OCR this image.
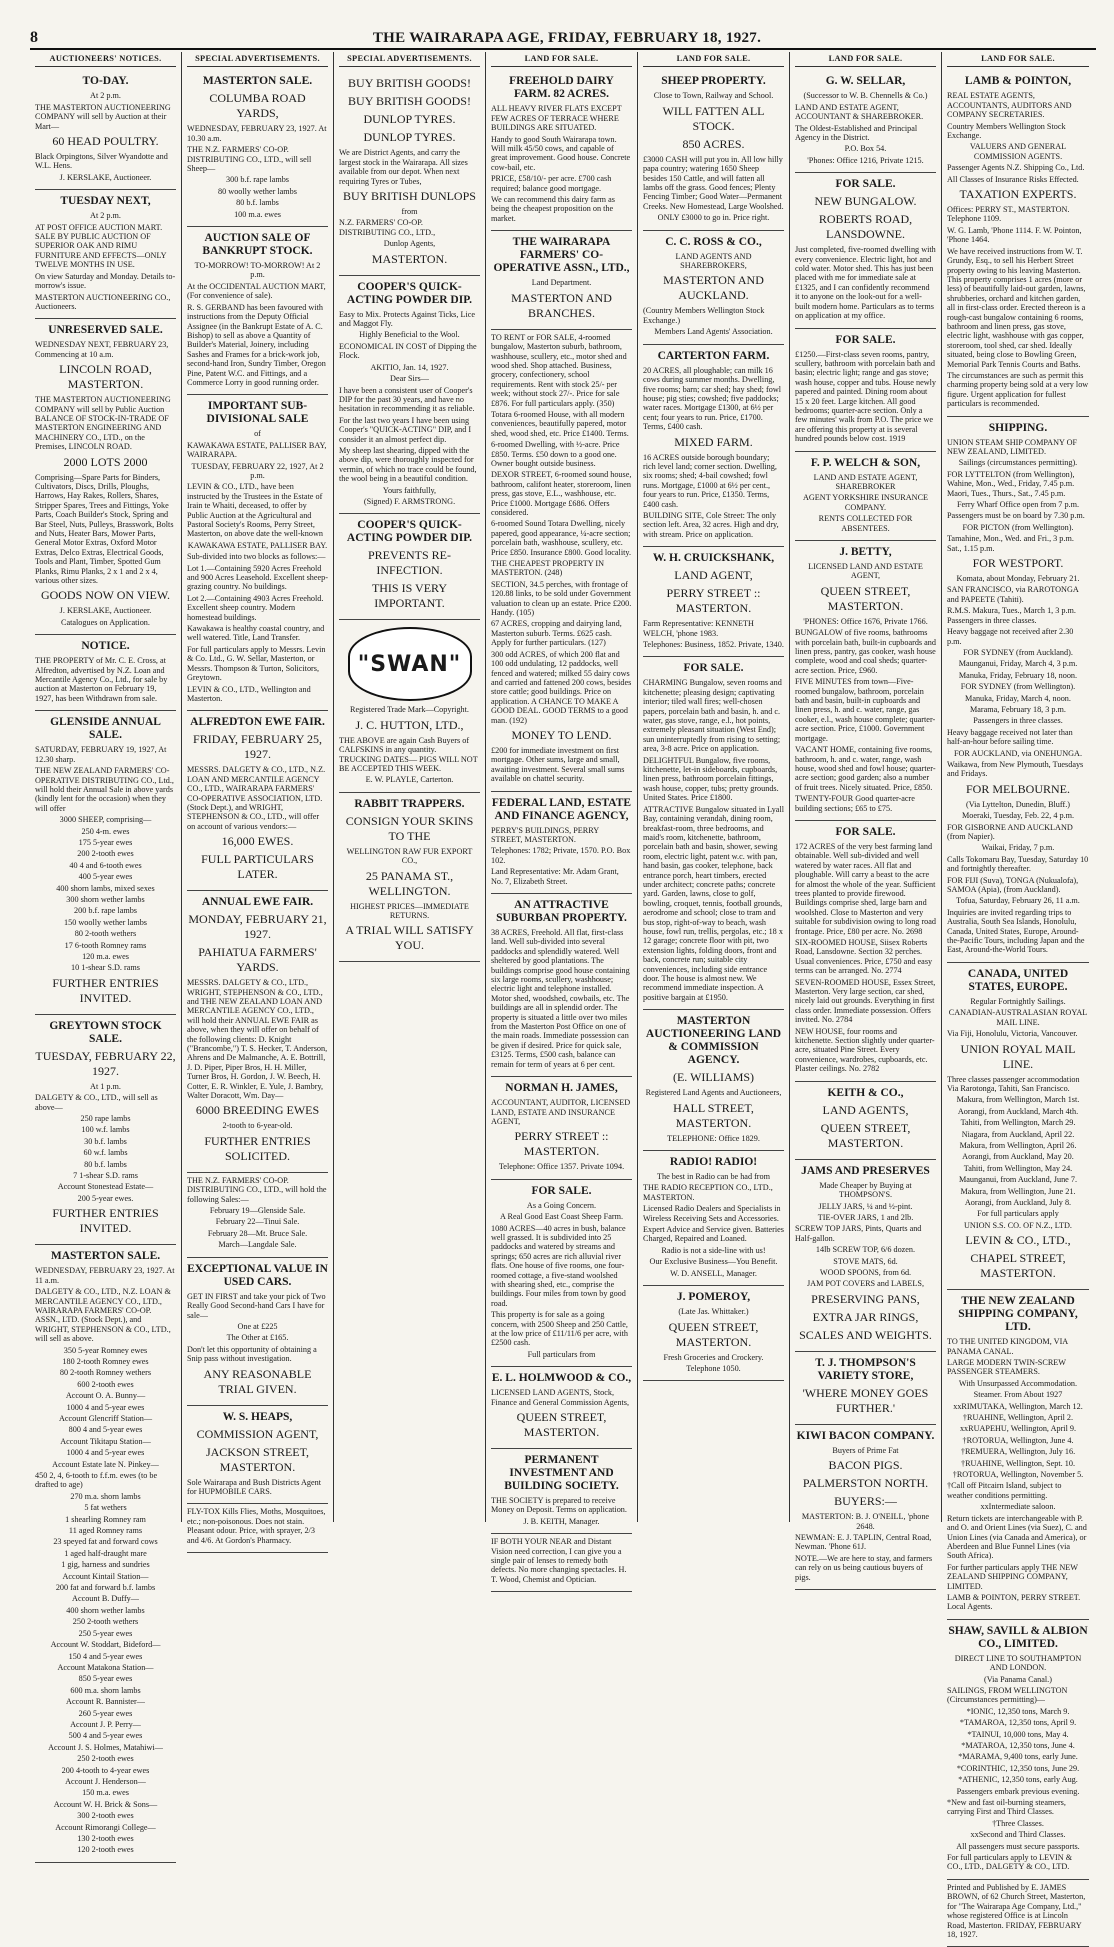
8	THE WAIRARAPA AGE, FRIDAY, FEBRUARY 18, 1927.
AUCTIONEERS' NOTICES.
TO-DAY.

At 2 p.m.

THE MASTERTON AUCTIONEERING COMPANY will sell by Auction at their Mart—

60 HEAD POULTRY.

Black Orpingtons, Silver Wyandotte and W.L. Hens.

J. KERSLAKE, Auctioneer.

TUESDAY NEXT,

At 2 p.m.

AT POST OFFICE AUCTION MART. SALE BY PUBLIC AUCTION OF SUPERIOR OAK AND RIMU FURNITURE AND EFFECTS—ONLY TWELVE MONTHS IN USE.

On view Saturday and Monday. Details to-morrow's issue.

MASTERTON AUCTIONEERING CO., Auctioneers.

UNRESERVED SALE.

WEDNESDAY NEXT, FEBRUARY 23, Commencing at 10 a.m.

LINCOLN ROAD, MASTERTON.

THE MASTERTON AUCTIONEERING COMPANY will sell by Public Auction BALANCE OF STOCK-IN-TRADE OF MASTERTON ENGINEERING AND MACHINERY CO., LTD., on the Premises, LINCOLN ROAD.

2000 LOTS 2000

Comprising—Spare Parts for Binders, Cultivators, Discs, Drills, Ploughs, Harrows, Hay Rakes, Rollers, Shares, Stripper Spares, Trees and Fittings, Yoke Parts, Coach Builder's Stock, Spring and Bar Steel, Nuts, Pulleys, Brasswork, Bolts and Nuts, Heater Bars, Mower Parts, General Motor Extras, Oxford Motor Extras, Delco Extras, Electrical Goods, Tools and Plant, Timber, Spotted Gum Planks, Rimu Planks, 2 x 1 and 2 x 4, various other sizes.

GOODS NOW ON VIEW.

J. KERSLAKE, Auctioneer.

Catalogues on Application.

NOTICE.

THE PROPERTY of Mr. C. E. Cross, at Alfredton, advertised by N.Z. Loan and Mercantile Agency Co., Ltd., for sale by auction at Masterton on February 19, 1927, has been Withdrawn from sale.

GLENSIDE ANNUAL SALE.

SATURDAY, FEBRUARY 19, 1927, At 12.30 sharp.

THE NEW ZEALAND FARMERS' CO-OPERATIVE DISTRIBUTING CO., Ltd., will hold their Annual Sale in above yards (kindly lent for the occasion) when they will offer

3000 SHEEP, comprising—

250 4-m. ewes

175 5-year ewes

200 2-tooth ewes

40 4 and 6-tooth ewes

400 5-year ewes

400 shorn lambs, mixed sexes

300 shorn wether lambs

200 b.f. rape lambs

150 woolly wether lambs

80 2-tooth wethers

17 6-tooth Romney rams

120 m.a. ewes

10 1-shear S.D. rams

FURTHER ENTRIES INVITED.

GREYTOWN STOCK SALE.

TUESDAY, FEBRUARY 22, 1927.

At 1 p.m.

DALGETY & CO., LTD., will sell as above—

250 rape lambs

100 w.f. lambs

30 b.f. lambs

60 w.f. lambs

80 b.f. lambs

7 1-shear S.D. rams

Account Stonestead Estate—

200 5-year ewes.

FURTHER ENTRIES INVITED.

MASTERTON SALE.

WEDNESDAY, FEBRUARY 23, 1927. At 11 a.m.

DALGETY & CO., LTD., N.Z. LOAN & MERCANTILE AGENCY CO., LTD., WAIRARAPA FARMERS' CO-OP. ASSN., LTD. (Stock Dept.), and WRIGHT, STEPHENSON & CO., LTD., will sell as above.

350 5-year Romney ewes

180 2-tooth Romney ewes

80 2-tooth Romney wethers

600 2-tooth ewes

Account O. A. Bunny—

1000 4 and 5-year ewes

Account Glencriff Station—

800 4 and 5-year ewes

Account Tikitapu Station—

1000 4 and 5-year ewes

Account Estate late N. Pinkey—

450 2, 4, 6-tooth to f.f.m. ewes (to be drafted to age)

270 m.a. shorn lambs

5 fat wethers

1 shearling Romney ram

11 aged Romney rams

23 speyed fat and forward cows

1 aged half-draught mare

1 gig, harness and sundries

Account Kintail Station—

200 fat and forward b.f. lambs

Account B. Duffy—

400 shorn wether lambs

250 2-tooth wethers

250 5-year ewes

Account W. Stoddart, Bideford—

150 4 and 5-year ewes

Account Matakona Station—

850 5-year ewes

600 m.a. shorn lambs

Account R. Bannister—

260 5-year ewes

Account J. P. Perry—

500 4 and 5-year ewes

Account J. S. Holmes, Matahiwi—

250 2-tooth ewes

200 4-tooth to 4-year ewes

Account J. Henderson—

150 m.a. ewes

Account W. H. Brick & Sons—

300 2-tooth ewes

Account Rimorangi College—

130 2-tooth ewes

120 2-tooth ewes

SPECIAL ADVERTISEMENTS.
MASTERTON SALE.

COLUMBA ROAD YARDS,

WEDNESDAY, FEBRUARY 23, 1927. At 10.30 a.m.

THE N.Z. FARMERS' CO-OP. DISTRIBUTING CO., LTD., will sell Sheep—

300 b.f. rape lambs

80 woolly wether lambs

80 b.f. lambs

100 m.a. ewes

AUCTION SALE OF BANKRUPT STOCK.

TO-MORROW! TO-MORROW! At 2 p.m.

At the OCCIDENTAL AUCTION MART, (For convenience of sale).

R. S. GERBAND has been favoured with instructions from the Deputy Official Assignee (in the Bankrupt Estate of A. C. Bishop) to sell as above a Quantity of Builder's Material, Joinery, including Sashes and Frames for a brick-work job, second-hand Iron, Sundry Timber, Oregon Pine, Patent W.C. and Fittings, and a Commerce Lorry in good running order.

IMPORTANT SUB-DIVISIONAL SALE

of

KAWAKAWA ESTATE, PALLISER BAY, WAIRARAPA.

TUESDAY, FEBRUARY 22, 1927, At 2 p.m.

LEVIN & CO., LTD., have been instructed by the Trustees in the Estate of Irain te Whaiti, deceased, to offer by Public Auction at the Agricultural and Pastoral Society's Rooms, Perry Street, Masterton, on above date the well-known

KAWAKAWA ESTATE, PALLISER BAY.

Sub-divided into two blocks as follows:—

Lot 1.—Containing 5920 Acres Freehold and 900 Acres Leasehold. Excellent sheep-grazing country. No buildings.

Lot 2.—Containing 4903 Acres Freehold. Excellent sheep country. Modern homestead buildings.

Kawakawa is healthy coastal country, and well watered. Title, Land Transfer.

For full particulars apply to Messrs. Levin & Co. Ltd., G. W. Sellar, Masterton, or Messrs. Thompson & Turton, Solicitors, Greytown.

LEVIN & CO., LTD., Wellington and Masterton.

ALFREDTON EWE FAIR.

FRIDAY, FEBRUARY 25, 1927.

MESSRS. DALGETY & CO., LTD., N.Z. LOAN AND MERCANTILE AGENCY CO., LTD., WAIRARAPA FARMERS' CO-OPERATIVE ASSOCIATION, LTD. (Stock Dept.), and WRIGHT, STEPHENSON & CO., LTD., will offer on account of various vendors:—

16,000 EWES.

FULL PARTICULARS LATER.

ANNUAL EWE FAIR.

MONDAY, FEBRUARY 21, 1927.

PAHIATUA FARMERS' YARDS.

MESSRS. DALGETY & CO., LTD., WRIGHT, STEPHENSON & CO., LTD., and THE NEW ZEALAND LOAN AND MERCANTILE AGENCY CO., LTD., will hold their ANNUAL EWE FAIR as above, when they will offer on behalf of the following clients: D. Knight ("Brancombe,") T. S. Hecker, T. Anderson, Ahrens and De Malmanche, A. E. Bottrill, J. D. Piper, Piper Bros, H. H. Miller, Turner Bros, H. Gordon, J. W. Beech, H. Cotter, E. R. Winkler, E. Yule, J. Bambry, Walter Doracott, Wm. Day—

6000 BREEDING EWES

2-tooth to 6-year-old.

FURTHER ENTRIES SOLICITED.

THE N.Z. FARMERS' CO-OP. DISTRIBUTING CO., LTD., will hold the following Sales:—

February 19—Glenside Sale.

February 22—Tinui Sale.

February 28—Mt. Bruce Sale.

March—Langdale Sale.

EXCEPTIONAL VALUE IN USED CARS.

GET IN FIRST and take your pick of Two Really Good Second-hand Cars I have for sale—

One at £225

The Other at £165.

Don't let this opportunity of obtaining a Snip pass without investigation.

ANY REASONABLE TRIAL GIVEN.

W. S. HEAPS,

COMMISSION AGENT,

JACKSON STREET, MASTERTON.

Sole Wairarapa and Bush Districts Agent for HUPMOBILE CARS.

FLY-TOX Kills Flies, Moths, Mosquitoes, etc.; non-poisonous. Does not stain. Pleasant odour. Price, with sprayer, 2/3 and 4/6. At Gordon's Pharmacy.

SPECIAL ADVERTISEMENTS.

BUY BRITISH GOODS!

BUY BRITISH GOODS!

DUNLOP TYRES.

DUNLOP TYRES.

We are District Agents, and carry the largest stock in the Wairarapa. All sizes available from our depot. When next requiring Tyres or Tubes,

BUY BRITISH DUNLOPS

from

N.Z. FARMERS' CO-OP. DISTRIBUTING CO., LTD.,

Dunlop Agents,

MASTERTON.

COOPER'S QUICK-ACTING POWDER DIP.

Easy to Mix. Protects Against Ticks, Lice and Maggot Fly.

Highly Beneficial to the Wool.

ECONOMICAL IN COST of Dipping the Flock.

AKITIO, Jan. 14, 1927.

Dear Sirs—

I have been a consistent user of Cooper's DIP for the past 30 years, and have no hesitation in recommending it as reliable.

For the last two years I have been using Cooper's "QUICK-ACTING" DIP, and I consider it an almost perfect dip.

My sheep last shearing, dipped with the above dip, were thoroughly inspected for vermin, of which no trace could be found, the wool being in a beautiful condition.

Yours faithfully,

(Signed) F. ARMSTRONG.

COOPER'S QUICK-ACTING POWDER DIP.

PREVENTS RE-INFECTION.

THIS IS VERY IMPORTANT.

"SWAN"

Registered Trade Mark—Copyright.

J. C. HUTTON, LTD.,

THE ABOVE are again Cash Buyers of CALFSKINS in any quantity. TRUCKING DATES— PIGS WILL NOT BE ACCEPTED THIS WEEK.

E. W. PLAYLE, Carterton.

RABBIT TRAPPERS.

CONSIGN YOUR SKINS TO THE

WELLINGTON RAW FUR EXPORT CO.,

25 PANAMA ST., WELLINGTON.

HIGHEST PRICES—IMMEDIATE RETURNS.

A TRIAL WILL SATISFY YOU.

LAND FOR SALE.
FREEHOLD DAIRY FARM. 82 ACRES.

ALL HEAVY RIVER FLATS EXCEPT FEW ACRES OF TERRACE WHERE BUILDINGS ARE SITUATED.

Handy to good South Wairarapa town. Will milk 45/50 cows, and capable of great improvement. Good house. Concrete cow-bail, etc.

PRICE, £58/10/- per acre. £700 cash required; balance good mortgage.

We can recommend this dairy farm as being the cheapest proposition on the market.

THE WAIRARAPA FARMERS' CO-OPERATIVE ASSN., LTD.,

Land Department.

MASTERTON AND BRANCHES.

TO RENT or FOR SALE, 4-roomed bungalow, Masterton suburb, bathroom, washhouse, scullery, etc., motor shed and wood shed. Shop attached. Business, grocery, confectionery, school requirements. Rent with stock 25/- per week; without stock 27/-. Price for sale £876. For full particulars apply. (350)

Totara 6-roomed House, with all modern conveniences, beautifully papered, motor shed, wood shed, etc. Price £1400. Terms.

6-roomed Dwelling, with ½-acre. Price £850. Terms. £50 down to a good one. Owner bought outside business.

DEXOR STREET, 6-roomed sound house, bathroom, califont heater, storeroom, linen press, gas stove, E.L., washhouse, etc. Price £1000. Mortgage £686. Offers considered.

6-roomed Sound Totara Dwelling, nicely papered, good appearance, ¼-acre section; porcelain bath, washhouse, scullery, etc. Price £850. Insurance £800. Good locality.

THE CHEAPEST PROPERTY IN MASTERTON. (248)

SECTION, 34.5 perches, with frontage of 120.88 links, to be sold under Government valuation to clean up an estate. Price £200. Handy. (105)

67 ACRES, cropping and dairying land, Masterton suburb. Terms. £625 cash. Apply for further particulars. (127)

300 odd ACRES, of which 200 flat and 100 odd undulating, 12 paddocks, well fenced and watered; milked 55 dairy cows and carried and fattened 200 cows, besides store cattle; good buildings. Price on application. A CHANCE TO MAKE A GOOD DEAL. GOOD TERMS to a good man. (192)

MONEY TO LEND.

£200 for immediate investment on first mortgage. Other sums, large and small, awaiting investment. Several small sums available on chattel security.

FEDERAL LAND, ESTATE AND FINANCE AGENCY,

PERRY'S BUILDINGS, PERRY STREET, MASTERTON.

Telephones: 1782; Private, 1570. P.O. Box 102.

Land Representative: Mr. Adam Grant, No. 7, Elizabeth Street.

AN ATTRACTIVE SUBURBAN PROPERTY.

38 ACRES, Freehold. All flat, first-class land. Well sub-divided into several paddocks and splendidly watered. Well sheltered by good plantations. The buildings comprise good house containing six large rooms, scullery, washhouse; electric light and telephone installed. Motor shed, woodshed, cowbails, etc. The buildings are all in splendid order. The property is situated a little over two miles from the Masterton Post Office on one of the main roads. Immediate possession can be given if desired. Price for quick sale, £3125. Terms, £500 cash, balance can remain for term of years at 6 per cent.

NORMAN H. JAMES,

ACCOUNTANT, AUDITOR, LICENSED LAND, ESTATE AND INSURANCE AGENT,

PERRY STREET :: MASTERTON.

Telephone: Office 1357. Private 1094.

FOR SALE.

As a Going Concern.

A Real Good East Coast Sheep Farm.

1080 ACRES—40 acres in bush, balance well grassed. It is subdivided into 25 paddocks and watered by streams and springs; 650 acres are rich alluvial river flats. One house of five rooms, one four-roomed cottage, a five-stand woolshed with shearing shed, etc., comprise the buildings. Four miles from town by good road.

This property is for sale as a going concern, with 2500 Sheep and 250 Cattle, at the low price of £11/11/6 per acre, with £2500 cash.

Full particulars from

E. L. HOLMWOOD & CO.,

LICENSED LAND AGENTS, Stock, Finance and General Commission Agents,

QUEEN STREET, MASTERTON.

PERMANENT INVESTMENT AND BUILDING SOCIETY.

THE SOCIETY is prepared to receive Money on Deposit. Terms on application.

J. B. KEITH, Manager.

IF BOTH YOUR NEAR and Distant Vision need correction, I can give you a single pair of lenses to remedy both defects. No more changing spectacles. H. T. Wood, Chemist and Optician.

LAND FOR SALE.
SHEEP PROPERTY.

Close to Town, Railway and School.

WILL FATTEN ALL STOCK.

850 ACRES.

£3000 CASH will put you in. All low hilly papa country; watering 1650 Sheep besides 150 Cattle, and will fatten all lambs off the grass. Good fences; Plenty Fencing Timber; Good Water—Permanent Creeks. New Homestead, Large Woolshed.

ONLY £3000 to go in. Price right.

C. C. ROSS & CO.,

LAND AGENTS AND SHAREBROKERS,

MASTERTON AND AUCKLAND.

(Country Members Wellington Stock Exchange.)

Members Land Agents' Association.

CARTERTON FARM.

20 ACRES, all ploughable; can milk 16 cows during summer months. Dwelling, five rooms; barn; car shed; hay shed; fowl house; pig sties; cowshed; five paddocks; water races. Mortgage £1300, at 6½ per cent; four years to run. Price, £1700. Terms, £400 cash.

MIXED FARM.

16 ACRES outside borough boundary; rich level land; corner section. Dwelling, six rooms; shed; 4-bail cowshed; fowl runs. Mortgage, £1000 at 6½ per cent., four years to run. Price, £1350. Terms, £400 cash.

BUILDING SITE, Cole Street: The only section left. Area, 32 acres. High and dry, with stream. Price on application.

W. H. CRUICKSHANK,

LAND AGENT,

PERRY STREET :: MASTERTON.

Farm Representative: KENNETH WELCH, 'phone 1983.

Telephones: Business, 1852. Private, 1340.

FOR SALE.

CHARMING Bungalow, seven rooms and kitchenette; pleasing design; captivating interior; tiled wall fires; well-chosen papers, porcelain bath and basin, h. and c. water, gas stove, range, e.l., hot points, extremely pleasant situation (West End); sun uninterruptedly from rising to setting; area, 3-8 acre. Price on application.

DELIGHTFUL Bungalow, five rooms, kitchenette, let-in sideboards, cupboards, linen press, bathroom porcelain fittings, wash house, copper, tubs; pretty grounds. United States. Price £1800.

ATTRACTIVE Bungalow situated in Lyall Bay, containing verandah, dining room, breakfast-room, three bedrooms, and maid's room, kitchenette, bathroom, porcelain bath and basin, shower, sewing room, electric light, patent w.c. with pan, hand basin, gas cooker, telephone, back entrance porch, heart timbers, erected under architect; concrete paths; concrete yard. Garden, lawns, close to golf, bowling, croquet, tennis, football grounds, aerodrome and school; close to tram and bus stop, right-of-way to beach, wash house, fowl run, trellis, pergolas, etc.; 18 x 12 garage; concrete floor with pit, two extension lights, folding doors, front and back, concrete run; suitable city conveniences, including side entrance door. The house is almost new. We recommend immediate inspection. A positive bargain at £1950.

MASTERTON AUCTIONEERING LAND & COMMISSION AGENCY.

(E. WILLIAMS)

Registered Land Agents and Auctioneers,

HALL STREET, MASTERTON.

TELEPHONE: Office 1829.

RADIO! RADIO!

The best in Radio can be had from

THE RADIO RECEPTION CO., LTD., MASTERTON.

Licensed Radio Dealers and Specialists in Wireless Receiving Sets and Accessories.

Expert Advice and Service given. Batteries Charged, Repaired and Loaned.

Radio is not a side-line with us!

Our Exclusive Business—You Benefit.

W. D. ANSELL, Manager.

J. POMEROY,

(Late Jas. Whittaker.)

QUEEN STREET, MASTERTON.

Fresh Groceries and Crockery.

Telephone 1050.

LAND FOR SALE.
G. W. SELLAR,

(Successor to W. B. Chennells & Co.)

LAND AND ESTATE AGENT, ACCOUNTANT & SHAREBROKER.

The Oldest-Established and Principal Agency in the District.

P.O. Box 54.

'Phones: Office 1216, Private 1215.

FOR SALE.

NEW BUNGALOW.

ROBERTS ROAD, LANSDOWNE.

Just completed, five-roomed dwelling with every convenience. Electric light, hot and cold water. Motor shed. This has just been placed with me for immediate sale at £1325, and I can confidently recommend it to anyone on the look-out for a well-built modern home. Particulars as to terms on application at my office.

FOR SALE.

£1250.—First-class seven rooms, pantry, scullery, bathroom with porcelain bath and basin; electric light; range and gas stove; wash house, copper and tubs. House newly papered and painted. Dining room about 15 x 20 feet. Large kitchen. All good bedrooms; quarter-acre section. Only a few minutes' walk from P.O. The price we are offering this property at is several hundred pounds below cost. 1919

F. P. WELCH & SON,

LAND AND ESTATE AGENT, SHAREBROKER

AGENT YORKSHIRE INSURANCE COMPANY.

RENTS COLLECTED FOR ABSENTEES.

J. BETTY,

LICENSED LAND AND ESTATE AGENT,

QUEEN STREET, MASTERTON.

'PHONES: Office 1676, Private 1766.

BUNGALOW of five rooms, bathrooms with porcelain bath, built-in cupboards and linen press, pantry, gas cooker, wash house complete, wood and coal sheds; quarter-acre section. Price, £960.

FIVE MINUTES from town—Five-roomed bungalow, bathroom, porcelain bath and basin, built-in cupboards and linen press, h. and c. water, range, gas cooker, e.l., wash house complete; quarter-acre section. Price, £1000. Government mortgage.

VACANT HOME, containing five rooms, bathroom, h. and c. water, range, wash house, wood shed and fowl house; quarter-acre section; good garden; also a number of fruit trees. Nicely situated. Price, £850.

TWENTY-FOUR Good quarter-acre building sections; £65 to £75.

FOR SALE.

172 ACRES of the very best farming land obtainable. Well sub-divided and well watered by water races. All flat and ploughable. Will carry a beast to the acre for almost the whole of the year. Sufficient trees planted to provide firewood. Buildings comprise shed, large barn and woolshed. Close to Masterton and very suitable for subdivision owing to long road frontage. Price, £80 per acre. No. 2698

SIX-ROOMED HOUSE, Siisex Roberts Road, Lansdowne. Section 32 perches. Usual conveniences. Price, £750 and easy terms can be arranged. No. 2774

SEVEN-ROOMED HOUSE, Essex Street, Masterton. Very large section, car shed, nicely laid out grounds. Everything in first class order. Immediate possession. Offers invited. No. 2784

NEW HOUSE, four rooms and kitchenette. Section slightly under quarter-acre, situated Pine Street. Every convenience, wardrobes, cupboards, etc. Plaster ceilings. No. 2782

KEITH & CO.,

LAND AGENTS,

QUEEN STREET, MASTERTON.

JAMS AND PRESERVES

Made Cheaper by Buying at THOMPSON'S.

JELLY JARS, ¼ and ½-pint.

TIE-OVER JARS, 1 and 2lb.

SCREW TOP JARS, Pints, Quarts and Half-gallon.

14lb SCREW TOP, 6/6 dozen.

STOVE MATS, 6d.

WOOD SPOONS, from 6d.

JAM POT COVERS and LABELS,

PRESERVING PANS,

EXTRA JAR RINGS,

SCALES AND WEIGHTS.

T. J. THOMPSON'S VARIETY STORE,

'WHERE MONEY GOES FURTHER.'

KIWI BACON COMPANY.

Buyers of Prime Fat

BACON PIGS.

PALMERSTON NORTH.

BUYERS:—

MASTERTON: B. J. O'NEILL, 'phone 2648.

NEWMAN: E. J. TAPLIN, Central Road, Newman. 'Phone 61J.

NOTE.—We are here to stay, and farmers can rely on us being cautious buyers of pigs.

LAND FOR SALE.
LAMB & POINTON,

REAL ESTATE AGENTS, ACCOUNTANTS, AUDITORS AND COMPANY SECRETARIES.

Country Members Wellington Stock Exchange.

VALUERS AND GENERAL COMMISSION AGENTS.

Passenger Agents N.Z. Shipping Co., Ltd.

All Classes of Insurance Risks Effected.

TAXATION EXPERTS.

Offices: PERRY ST., MASTERTON. Telephone 1109.

W. G. Lamb, 'Phone 1114. F. W. Pointon, 'Phone 1464.

We have received instructions from W. T. Grundy, Esq., to sell his Herbert Street property owing to his leaving Masterton. This property comprises 1 acres (more or less) of beautifully laid-out garden, lawns, shrubberies, orchard and kitchen garden, all in first-class order. Erected thereon is a rough-cast bungalow containing 6 rooms, bathroom and linen press, gas stove, electric light, washhouse with gas copper, storeroom, tool shed, car shed. Ideally situated, being close to Bowling Green, Memorial Park Tennis Courts and Baths.

The circumstances are such as permit this charming property being sold at a very low figure. Urgent application for fullest particulars is recommended.

SHIPPING.

UNION STEAM SHIP COMPANY OF NEW ZEALAND, LIMITED.

Sailings (circumstances permitting).

FOR LYTTELTON (from Wellington), Wahine, Mon., Wed., Friday, 7.45 p.m. Maori, Tues., Thurs., Sat., 7.45 p.m.

Ferry Wharf Office open from 7 p.m.

Passengers must be on board by 7.30 p.m.

FOR PICTON (from Wellington).

Tamahine, Mon., Wed. and Fri., 3 p.m. Sat., 1.15 p.m.

FOR WESTPORT.

Komata, about Monday, February 21.

SAN FRANCISCO, via RAROTONGA and PAPEETE (Tahiti).

R.M.S. Makura, Tues., March 1, 3 p.m. Passengers in three classes.

Heavy baggage not received after 2.30 p.m.

FOR SYDNEY (from Auckland).

Maunganui, Friday, March 4, 3 p.m.

Manuka, Friday, February 18, noon.

FOR SYDNEY (from Wellington).

Manuka, Friday, March 4, noon.

Marama, February 18, 3 p.m.

Passengers in three classes.

Heavy baggage received not later than half-an-hour before sailing time.

FOR AUCKLAND, via ONEHUNGA.

Waikawa, from New Plymouth, Tuesdays and Fridays.

FOR MELBOURNE.

(Via Lyttelton, Dunedin, Bluff.)

Moeraki, Tuesday, Feb. 22, 4 p.m.

FOR GISBORNE AND AUCKLAND (from Napier).

Waikai, Friday, 7 p.m.

Calls Tokomaru Bay, Tuesday, Saturday 10 and fortnightly thereafter.

FOR FIJI (Suva), TONGA (Nukualofa), SAMOA (Apia), (from Auckland).

Tofua, Saturday, February 26, 11 a.m.

Inquiries are invited regarding trips to Australia, South Sea Islands, Honolulu, Canada, United States, Europe, Around-the-Pacific Tours, including Japan and the East, Around-the-World Tours.

CANADA, UNITED STATES, EUROPE.

Regular Fortnightly Sailings.

CANADIAN-AUSTRALASIAN ROYAL MAIL LINE.

Via Fiji, Honolulu, Victoria, Vancouver.

UNION ROYAL MAIL LINE.

Three classes passenger accommodation Via Rarotonga, Tahiti, San Francisco.

Makura, from Wellington, March 1st.

Aorangi, from Auckland, March 4th.

Tahiti, from Wellington, March 29.

Niagara, from Auckland, April 22.

Makura, from Wellington, April 26.

Aorangi, from Auckland, May 20.

Tahiti, from Wellington, May 24.

Maunganui, from Auckland, June 7.

Makura, from Wellington, June 21.

Aorangi, from Auckland, July 8.

For full particulars apply

UNION S.S. CO. OF N.Z., LTD.

LEVIN & CO., LTD.,

CHAPEL STREET, MASTERTON.

THE NEW ZEALAND SHIPPING COMPANY, LTD.

TO THE UNITED KINGDOM, VIA PANAMA CANAL.

LARGE MODERN TWIN-SCREW PASSENGER STEAMERS.

With Unsurpassed Accommodation.

Steamer. From About 1927

xxRIMUTAKA, Wellington, March 12.

†RUAHINE, Wellington, April 2.

xxRUAPEHU, Wellington, April 9.

†ROTORUA, Wellington, June 4.

†REMUERA, Wellington, July 16.

†RUAHINE, Wellington, Sept. 10.

†ROTORUA, Wellington, November 5.

†Call off Pitcairn Island, subject to weather conditions permitting.

xxIntermediate saloon.

Return tickets are interchangeable with P. and O. and Orient Lines (via Suez), C. and Union Lines (via Canada and America), or Aberdeen and Blue Funnel Lines (via South Africa).

For further particulars apply THE NEW ZEALAND SHIPPING COMPANY, LIMITED.

LAMB & POINTON, PERRY STREET. Local Agents.

SHAW, SAVILL & ALBION CO., LIMITED.

DIRECT LINE TO SOUTHAMPTON AND LONDON.

(Via Panama Canal.)

SAILINGS, FROM WELLINGTON (Circumstances permitting)—

*IONIC, 12,350 tons, March 9.

*TAMAROA, 12,350 tons, April 9.

*TAINUI, 10,000 tons, May 4.

*MATAROA, 12,350 tons, June 4.

*MARAMA, 9,400 tons, early June.

*CORINTHIC, 12,350 tons, June 29.

*ATHENIC, 12,350 tons, early Aug.

Passengers embark previous evening.

*New and fast oil-burning steamers, carrying First and Third Classes.

†Three Classes.

xxSecond and Third Classes.

All passengers must secure passports.

For full particulars apply to LEVIN & CO., LTD., DALGETY & CO., LTD.

Printed and Published by E. JAMES BROWN, of 62 Church Street, Masterton, for "The Wairarapa Age Company, Ltd.," whose registered Office is at Lincoln Road, Masterton. FRIDAY, FEBRUARY 18, 1927.
